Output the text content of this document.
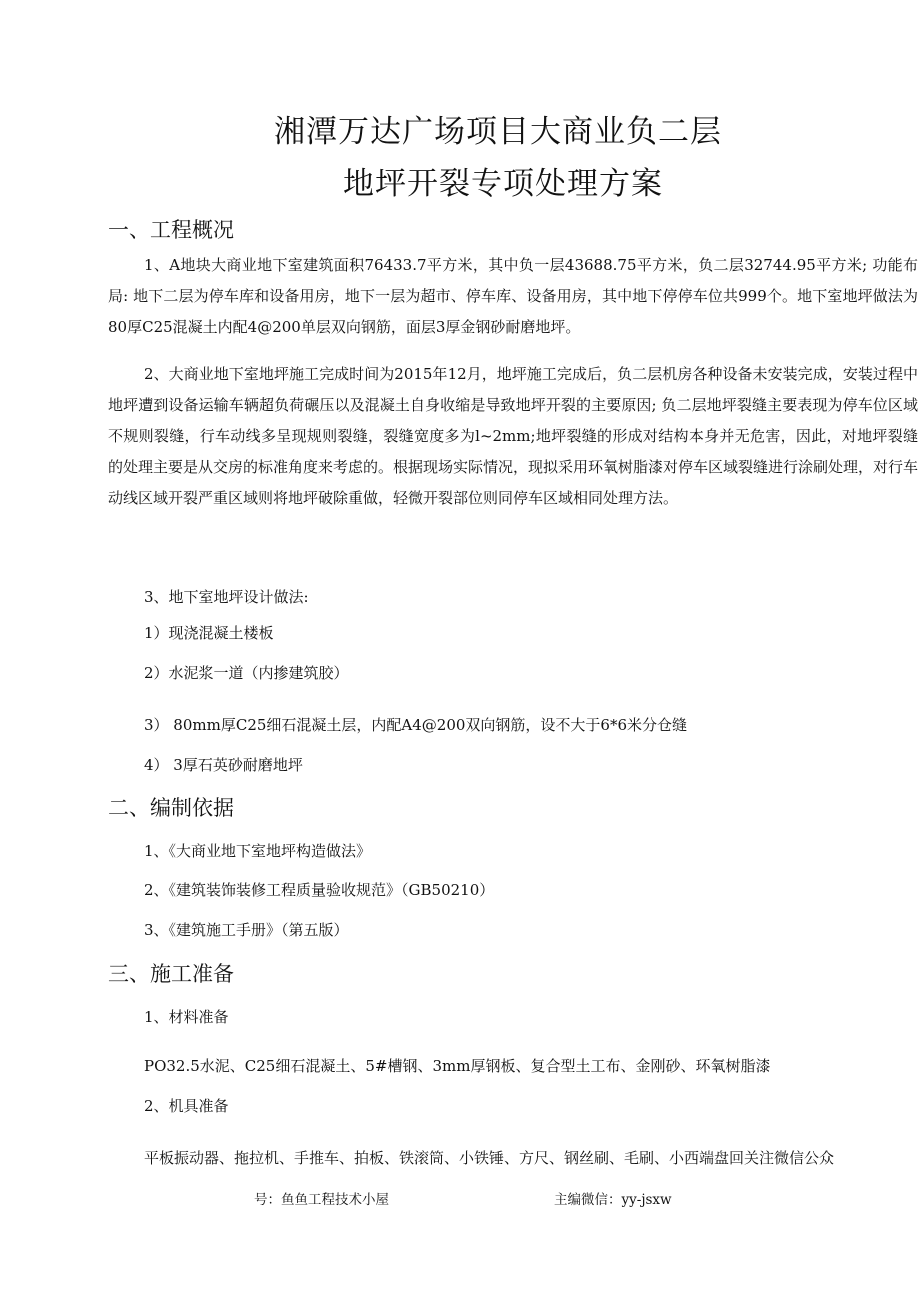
湘潭万达广场项目大商业负二层
地坪开裂专项处理方案
一、工程概况
1、A地块大商业地下室建筑面积76433.7平方米，其中负一层43688.75平方米，负二层32744.95平方米; 功能布局: 地下二层为停车库和设备用房，地下一层为超市、停车库、设备用房，其中地下停停车位共999个。地下室地坪做法为80厚C25混凝土内配4@200单层双向钢筋，面层3厚金钢砂耐磨地坪。
2、大商业地下室地坪施工完成时间为2015年12月，地坪施工完成后，负二层机房各种设备未安装完成，安装过程中地坪遭到设备运输车辆超负荷碾压以及混凝土自身收缩是导致地坪开裂的主要原因; 负二层地坪裂缝主要表现为停车位区域不规则裂缝，行车动线多呈现规则裂缝，裂缝宽度多为l~2mm;地坪裂缝的形成对结构本身并无危害，因此，对地坪裂缝的处理主要是从交房的标准角度来考虑的。根据现场实际情况，现拟采用环氧树脂漆对停车区域裂缝进行涂刷处理，对行车动线区域开裂严重区域则将地坪破除重做，轻微开裂部位则同停车区域相同处理方法。
3、地下室地坪设计做法:
1）现浇混凝土楼板
2）水泥浆一道（内掺建筑胶）
3） 80mm厚C25细石混凝土层，内配A4@200双向钢筋，设不大于6*6米分仓缝
4） 3厚石英砂耐磨地坪
二、编制依据
1、《大商业地下室地坪构造做法》
2、《建筑装饰装修工程质量验收规范》（GB50210）
3、《建筑施工手册》（第五版）
三、施工准备
1、材料准备
PO32.5水泥、C25细石混凝土、5#槽钢、3mm厚钢板、复合型土工布、金刚砂、环氧树脂漆
2、机具准备
平板振动器、拖拉机、手推车、拍板、铁滚筒、小铁锤、方尺、钢丝刷、毛刷、小西端盘回关注微信公众
号：鱼鱼工程技术小屋	主编微信：yy-jsxw
